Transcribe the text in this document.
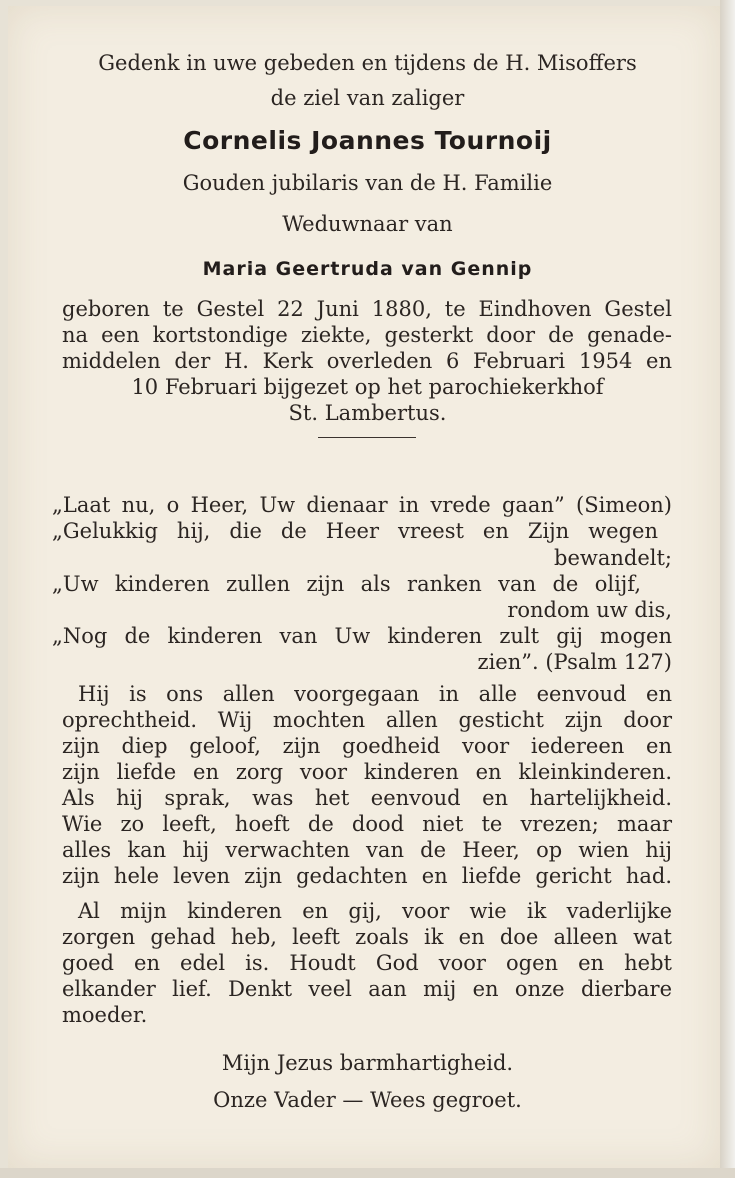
Gedenk in uwe gebeden en tijdens de H. Misoffers
de ziel van zaliger
Cornelis Joannes Tournoij
Gouden jubilaris van de H. Familie
Weduwnaar van
Maria Geertruda van Gennip
geboren te Gestel 22 Juni 1880, te Eindhoven Gestel
na een kortstondige ziekte, gesterkt door de genade-
middelen der H. Kerk overleden 6 Februari 1954 en
10 Februari bijgezet op het parochiekerkhof
St. Lambertus.
„Laat nu, o Heer, Uw dienaar in vrede gaan” (Simeon)
„Gelukkig hij, die de Heer vreest en Zijn wegen
bewandelt;
„Uw kinderen zullen zijn als ranken van de olijf,
rondom uw dis,
„Nog de kinderen van Uw kinderen zult gij mogen
zien”. (Psalm 127)
Hij is ons allen voorgegaan in alle eenvoud en
oprechtheid. Wij mochten allen gesticht zijn door
zijn diep geloof, zijn goedheid voor iedereen en
zijn liefde en zorg voor kinderen en kleinkinderen.
Als hij sprak, was het eenvoud en hartelijkheid.
Wie zo leeft, hoeft de dood niet te vrezen; maar
alles kan hij verwachten van de Heer, op wien hij
zijn hele leven zijn gedachten en liefde gericht had.
Al mijn kinderen en gij, voor wie ik vaderlijke
zorgen gehad heb, leeft zoals ik en doe alleen wat
goed en edel is. Houdt God voor ogen en hebt
elkander lief. Denkt veel aan mij en onze dierbare
moeder.
Mijn Jezus barmhartigheid.
Onze Vader — Wees gegroet.
